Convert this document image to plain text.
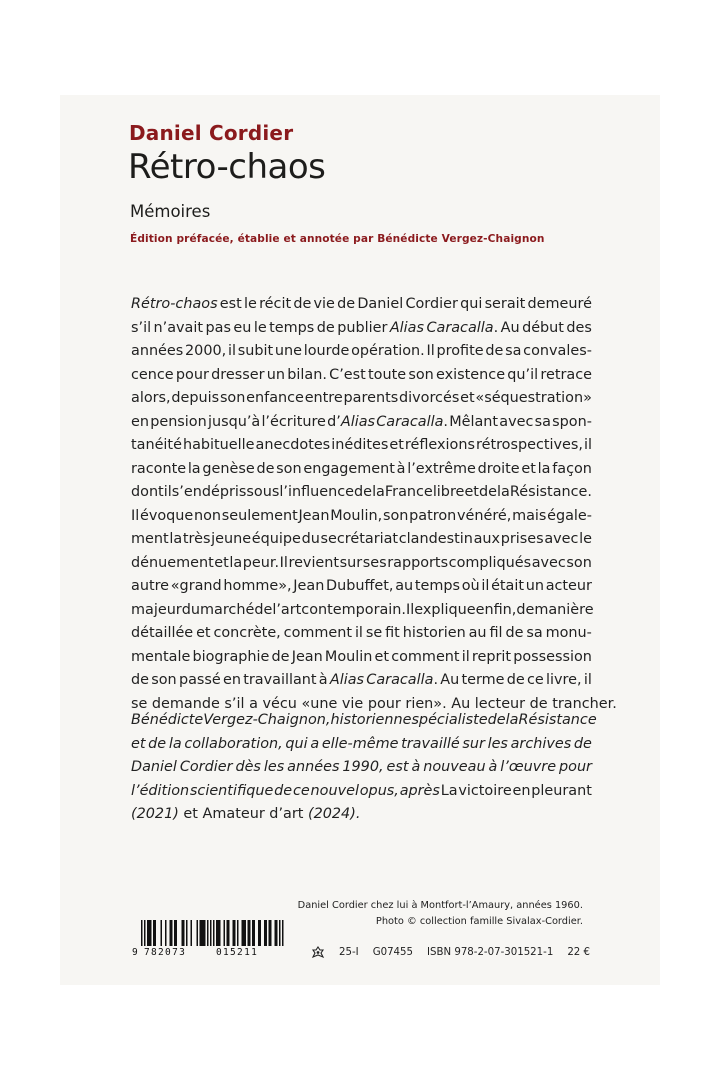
Daniel Cordier
Rétro-chaos
Mémoires
Édition préfacée, établie et annotée par Bénédicte Vergez-Chaignon
Rétro-chaos est le récit de vie de Daniel Cordier qui serait demeuré
s’il n’avait pas eu le temps de publier Alias Caracalla. Au début des
années 2000, il subit une lourde opération. Il profite de sa convales-
cence pour dresser un bilan. C’est toute son existence qu’il retrace
alors, depuis son enfance entre parents divorcés et «séquestration»
en pension jusqu’à l’écriture d’Alias Caracalla. Mêlant avec sa spon-
tanéité habituelle anecdotes inédites et réflexions rétrospectives, il
raconte la genèse de son engagement à l’extrême droite et la façon
dont il s’en dépris sous l’influence de la France libre et de la Résistance.
Il évoque non seulement Jean Moulin, son patron vénéré, mais égale-
ment la très jeune équipe du secrétariat clandestin aux prises avec le
dénuement et la peur. Il revient sur ses rapports compliqués avec son
autre «grand homme», Jean Dubuffet, au temps où il était un acteur
majeur du marché de l’art contemporain. Il explique enfin, de manière
détaillée et concrète, comment il se fit historien au fil de sa monu-
mentale biographie de Jean Moulin et comment il reprit possession
de son passé en travaillant à Alias Caracalla. Au terme de ce livre, il
se demande s’il a vécu «une vie pour rien». Au lecteur de trancher.
Bénédicte Vergez-Chaignon, historienne spécialiste de la Résistance
et de la collaboration, qui a elle-même travaillé sur les archives de
Daniel Cordier dès les années 1990, est à nouveau à l’œuvre pour
l’édition scientifique de ce nouvel opus, après La victoire en pleurant
(2021) et Amateur d’art (2024).
Daniel Cordier chez lui à Montfort-l’Amaury, années 1960.
Photo © collection famille Sivalax-Cordier.
9 782073	015211	25-I G07455 ISBN 978-2-07-301521-1 22 €
